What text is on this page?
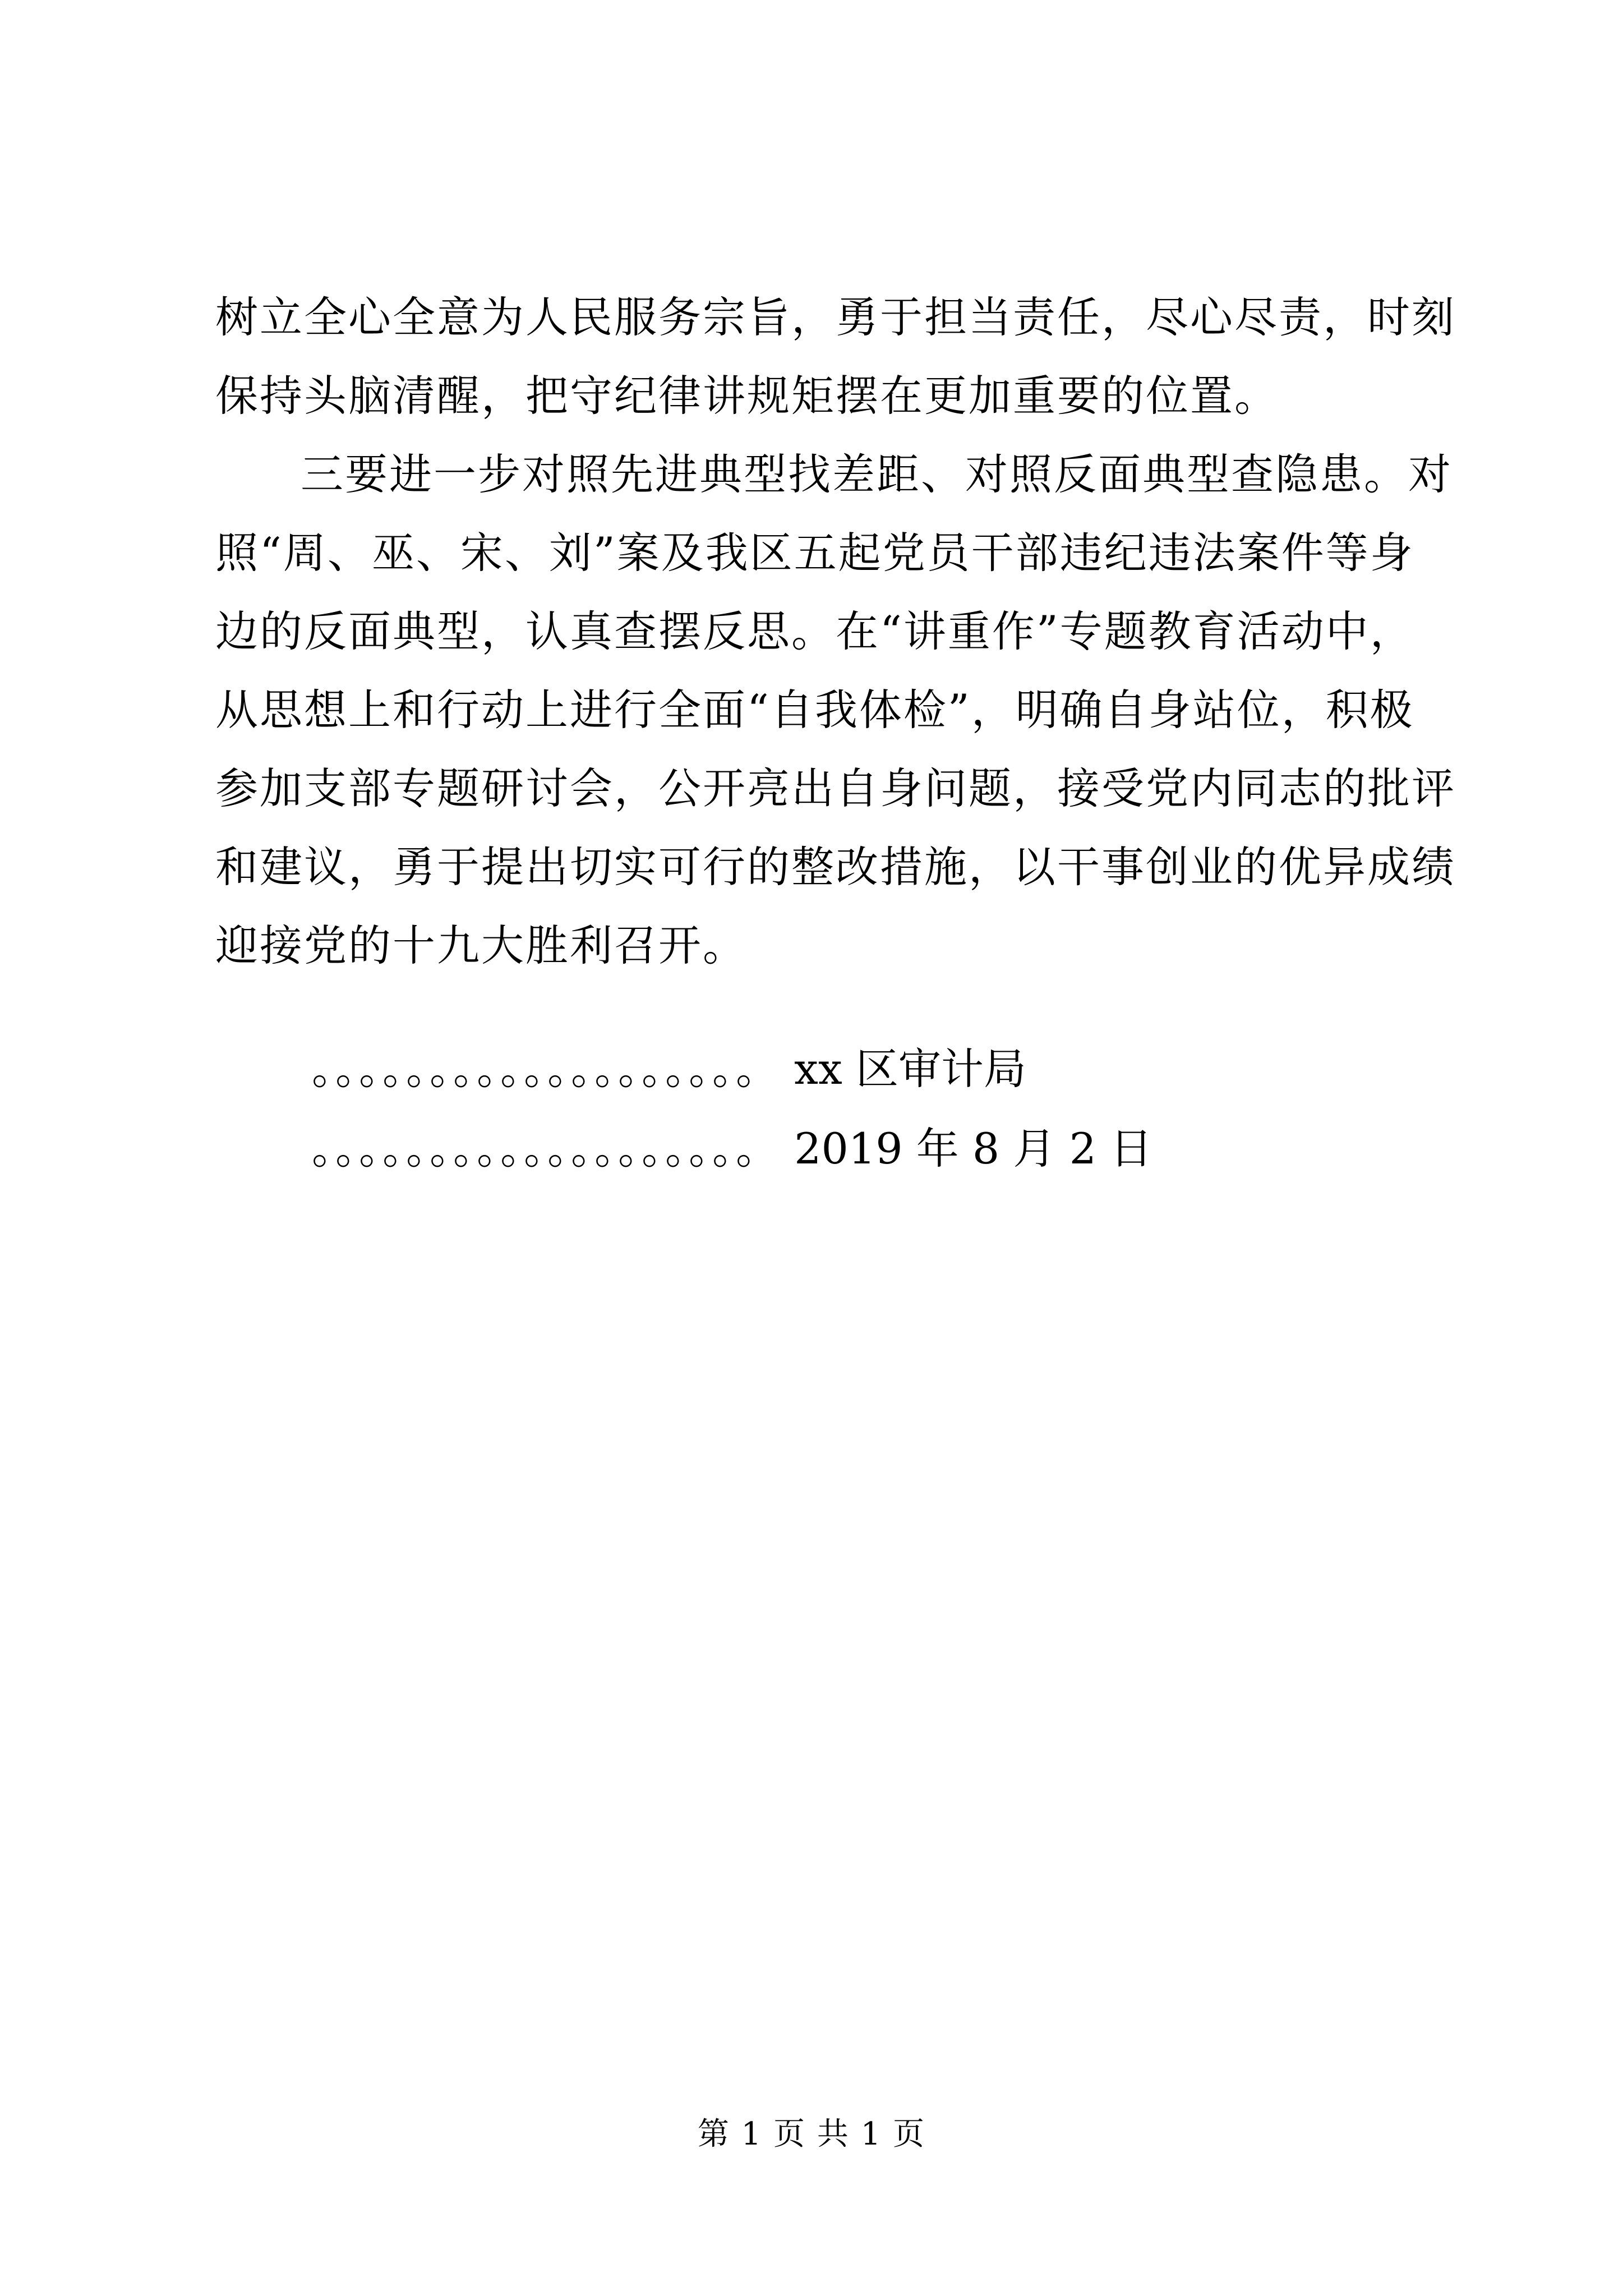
树立全心全意为人民服务宗旨，勇于担当责任，尽心尽责，时刻
保持头脑清醒，把守纪律讲规矩摆在更加重要的位置。
三要进一步对照先进典型找差距、对照反面典型查隐患。对
照“周、巫、宋、刘”案及我区五起党员干部违纪违法案件等身
边的反面典型，认真查摆反思。在“讲重作”专题教育活动中，
从思想上和行动上进行全面“自我体检”，明确自身站位，积极
参加支部专题研讨会，公开亮出自身问题，接受党内同志的批评
和建议，勇于提出切实可行的整改措施，以干事创业的优异成绩
迎接党的十九大胜利召开。
。。。。。。。。。。。。。。。。。。。 xx 区审计局
。。。。。。。。。。。。。。。。。。。 2019 年 8 月 2 日
第 1 页 共 1 页
